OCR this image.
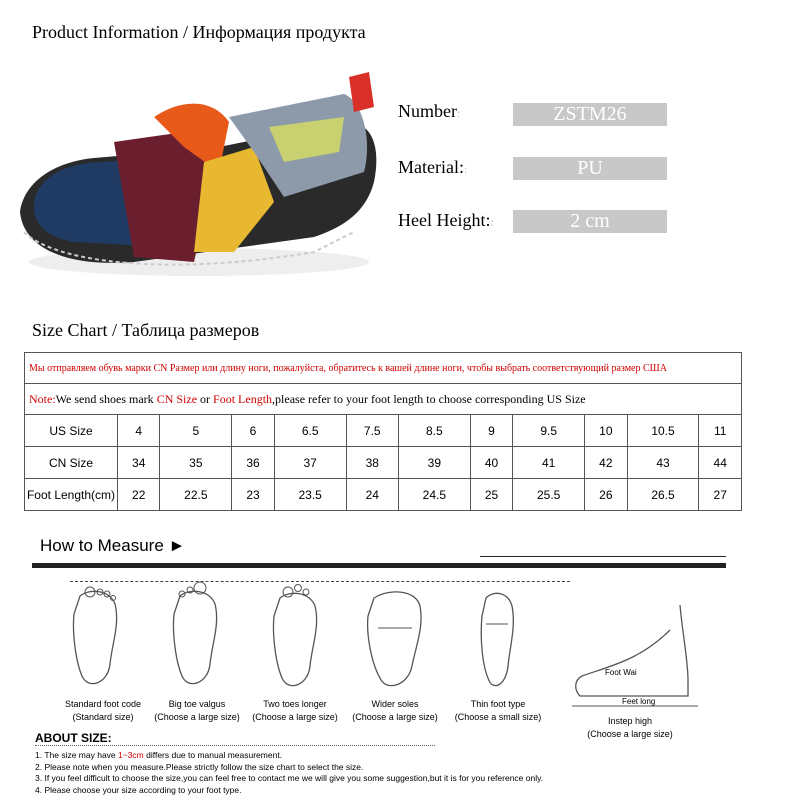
Product Information / Информация продукта
Number:	ZSTM26
Material::	PU
Heel Height::	2 cm
Size Chart / Таблица размеров
Мы отправляем обувь марки CN Размер или длину ноги, пожалуйста, обратитесь к вашей длине ноги, чтобы выбрать соответствующий размер США											
Note:We send shoes mark CN Size or Foot Length,please refer to your foot length to choose corresponding US Size											
US Size	4	5	6	6.5	7.5	8.5	9	9.5	10	10.5	11
CN Size	34	35	36	37	38	39	40	41	42	43	44
Foot Length(cm)	22	22.5	23	23.5	24	24.5	25	25.5	26	26.5	27
How to Measure ►
Standard foot code
(Standard size)
Big toe valgus
(Choose a large size)
Two toes longer
(Choose a large size)
Wider soles
(Choose a large size)
Thin foot type
(Choose a small size)
Foot Wai
Feet long
Instep high
(Choose a large size)
ABOUT SIZE:
1. The size may have 1~3cm differs due to manual measurement.
2. Please note when you measure.Please strictly follow the size chart to select the size.
3. If you feel difficult to choose the size,you can feel free to contact me we will give you some suggestion,but it is for you reference only.
4. Please choose your size according to your foot type.
